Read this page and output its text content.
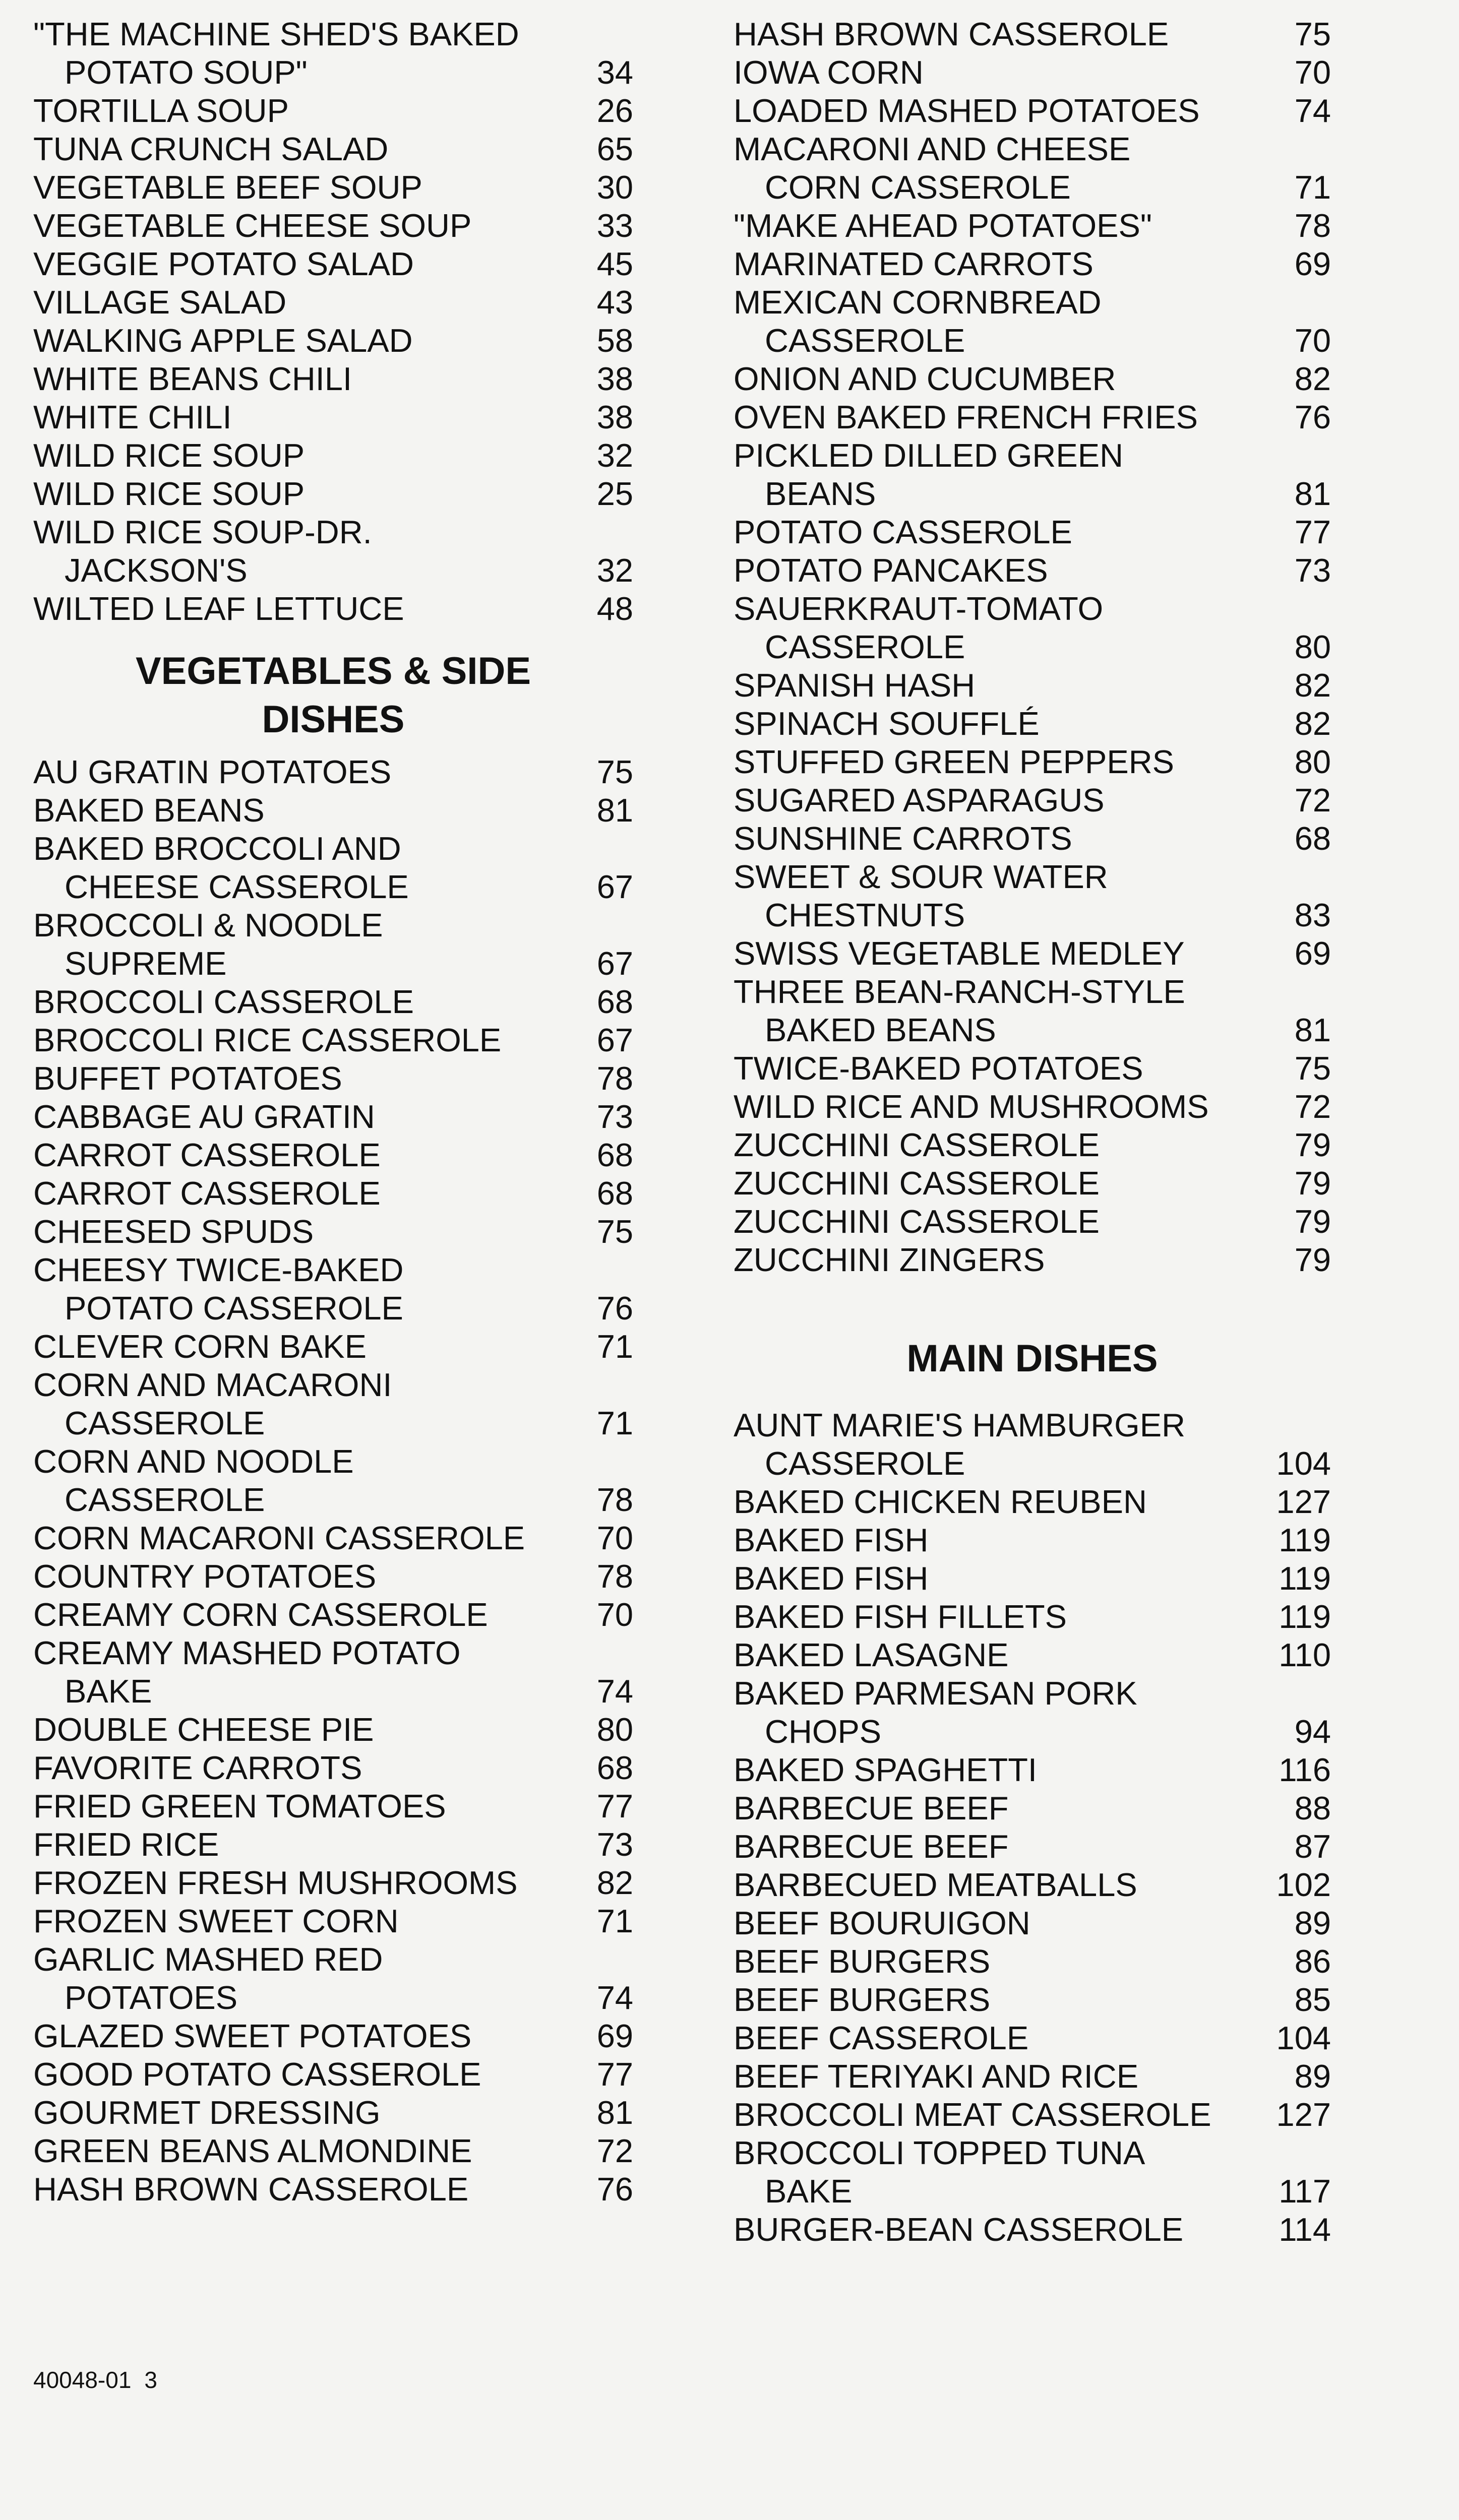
"THE MACHINE SHED'S BAKED
POTATO SOUP"	34
TORTILLA SOUP	26
TUNA CRUNCH SALAD	65
VEGETABLE BEEF SOUP	30
VEGETABLE CHEESE SOUP	33
VEGGIE POTATO SALAD	45
VILLAGE SALAD	43
WALKING APPLE SALAD	58
WHITE BEANS CHILI	38
WHITE CHILI	38
WILD RICE SOUP	32
WILD RICE SOUP	25
WILD RICE SOUP-DR.
JACKSON'S	32
WILTED LEAF LETTUCE	48
VEGETABLES & SIDE
DISHES
AU GRATIN POTATOES	75
BAKED BEANS	81
BAKED BROCCOLI AND
CHEESE CASSEROLE	67
BROCCOLI & NOODLE
SUPREME	67
BROCCOLI CASSEROLE	68
BROCCOLI RICE CASSEROLE	67
BUFFET POTATOES	78
CABBAGE AU GRATIN	73
CARROT CASSEROLE	68
CARROT CASSEROLE	68
CHEESED SPUDS	75
CHEESY TWICE-BAKED
POTATO CASSEROLE	76
CLEVER CORN BAKE	71
CORN AND MACARONI
CASSEROLE	71
CORN AND NOODLE
CASSEROLE	78
CORN MACARONI CASSEROLE	70
COUNTRY POTATOES	78
CREAMY CORN CASSEROLE	70
CREAMY MASHED POTATO
BAKE	74
DOUBLE CHEESE PIE	80
FAVORITE CARROTS	68
FRIED GREEN TOMATOES	77
FRIED RICE	73
FROZEN FRESH MUSHROOMS	82
FROZEN SWEET CORN	71
GARLIC MASHED RED
POTATOES	74
GLAZED SWEET POTATOES	69
GOOD POTATO CASSEROLE	77
GOURMET DRESSING	81
GREEN BEANS ALMONDINE	72
HASH BROWN CASSEROLE	76
HASH BROWN CASSEROLE	75
IOWA CORN	70
LOADED MASHED POTATOES	74
MACARONI AND CHEESE
CORN CASSEROLE	71
"MAKE AHEAD POTATOES"	78
MARINATED CARROTS	69
MEXICAN CORNBREAD
CASSEROLE	70
ONION AND CUCUMBER	82
OVEN BAKED FRENCH FRIES	76
PICKLED DILLED GREEN
BEANS	81
POTATO CASSEROLE	77
POTATO PANCAKES	73
SAUERKRAUT-TOMATO
CASSEROLE	80
SPANISH HASH	82
SPINACH SOUFFLÉ	82
STUFFED GREEN PEPPERS	80
SUGARED ASPARAGUS	72
SUNSHINE CARROTS	68
SWEET & SOUR WATER
CHESTNUTS	83
SWISS VEGETABLE MEDLEY	69
THREE BEAN-RANCH-STYLE
BAKED BEANS	81
TWICE-BAKED POTATOES	75
WILD RICE AND MUSHROOMS	72
ZUCCHINI CASSEROLE	79
ZUCCHINI CASSEROLE	79
ZUCCHINI CASSEROLE	79
ZUCCHINI ZINGERS	79
MAIN DISHES
AUNT MARIE'S HAMBURGER
CASSEROLE	104
BAKED CHICKEN REUBEN	127
BAKED FISH	119
BAKED FISH	119
BAKED FISH FILLETS	119
BAKED LASAGNE	110
BAKED PARMESAN PORK
CHOPS	94
BAKED SPAGHETTI	116
BARBECUE BEEF	88
BARBECUE BEEF	87
BARBECUED MEATBALLS	102
BEEF BOURUIGON	89
BEEF BURGERS	86
BEEF BURGERS	85
BEEF CASSEROLE	104
BEEF TERIYAKI AND RICE	89
BROCCOLI MEAT CASSEROLE	127
BROCCOLI TOPPED TUNA
BAKE	117
BURGER-BEAN CASSEROLE	114
40048-01 3
